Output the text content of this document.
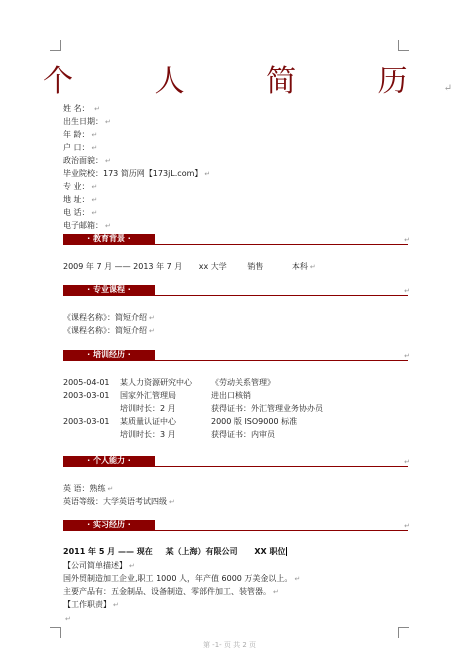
个 人 简 历↵
姓 名： ↵
出生日期： ↵
年 龄： ↵
户 口： ↵
政治面貌： ↵
毕业院校：173 简历网【173jL.com】 ↵
专 业： ↵
地 址： ↵
电 话： ↵
电子邮箱： ↵
· 教育背景 ·	↵
2009 年 7 月 —— 2013 年 7 月 xx 大学	销售	本科 ↵
· 专业课程 ·	↵
《课程名称》：简短介绍 ↵
《课程名称》：简短介绍 ↵
· 培训经历 ·	↵
2005-04-01 某人力资源研究中心 《劳动关系管理》
2003-03-01 国家外汇管理局	进出口核销
培训时长：2 月	获得证书：外汇管理业务协办员
2003-03-01 某质量认证中心	2000 版 ISO9000 标准
培训时长：3 月	获得证书：内审员
· 个人能力 ·	↵
英 语：熟练 ↵
英语等级：大学英语考试四级 ↵
· 实习经历 ·	↵
2011 年 5 月 —— 现在 某（上海）有限公司 XX 职位
【公司简单描述】 ↵
国外贸制造加工企业,职工 1000 人，年产值 6000 万美金以上。 ↵
主要产品有：五金制品、设备制造、零部件加工、装管器。 ↵
【工作职责】 ↵
↵
第 -1- 页 共 2 页
